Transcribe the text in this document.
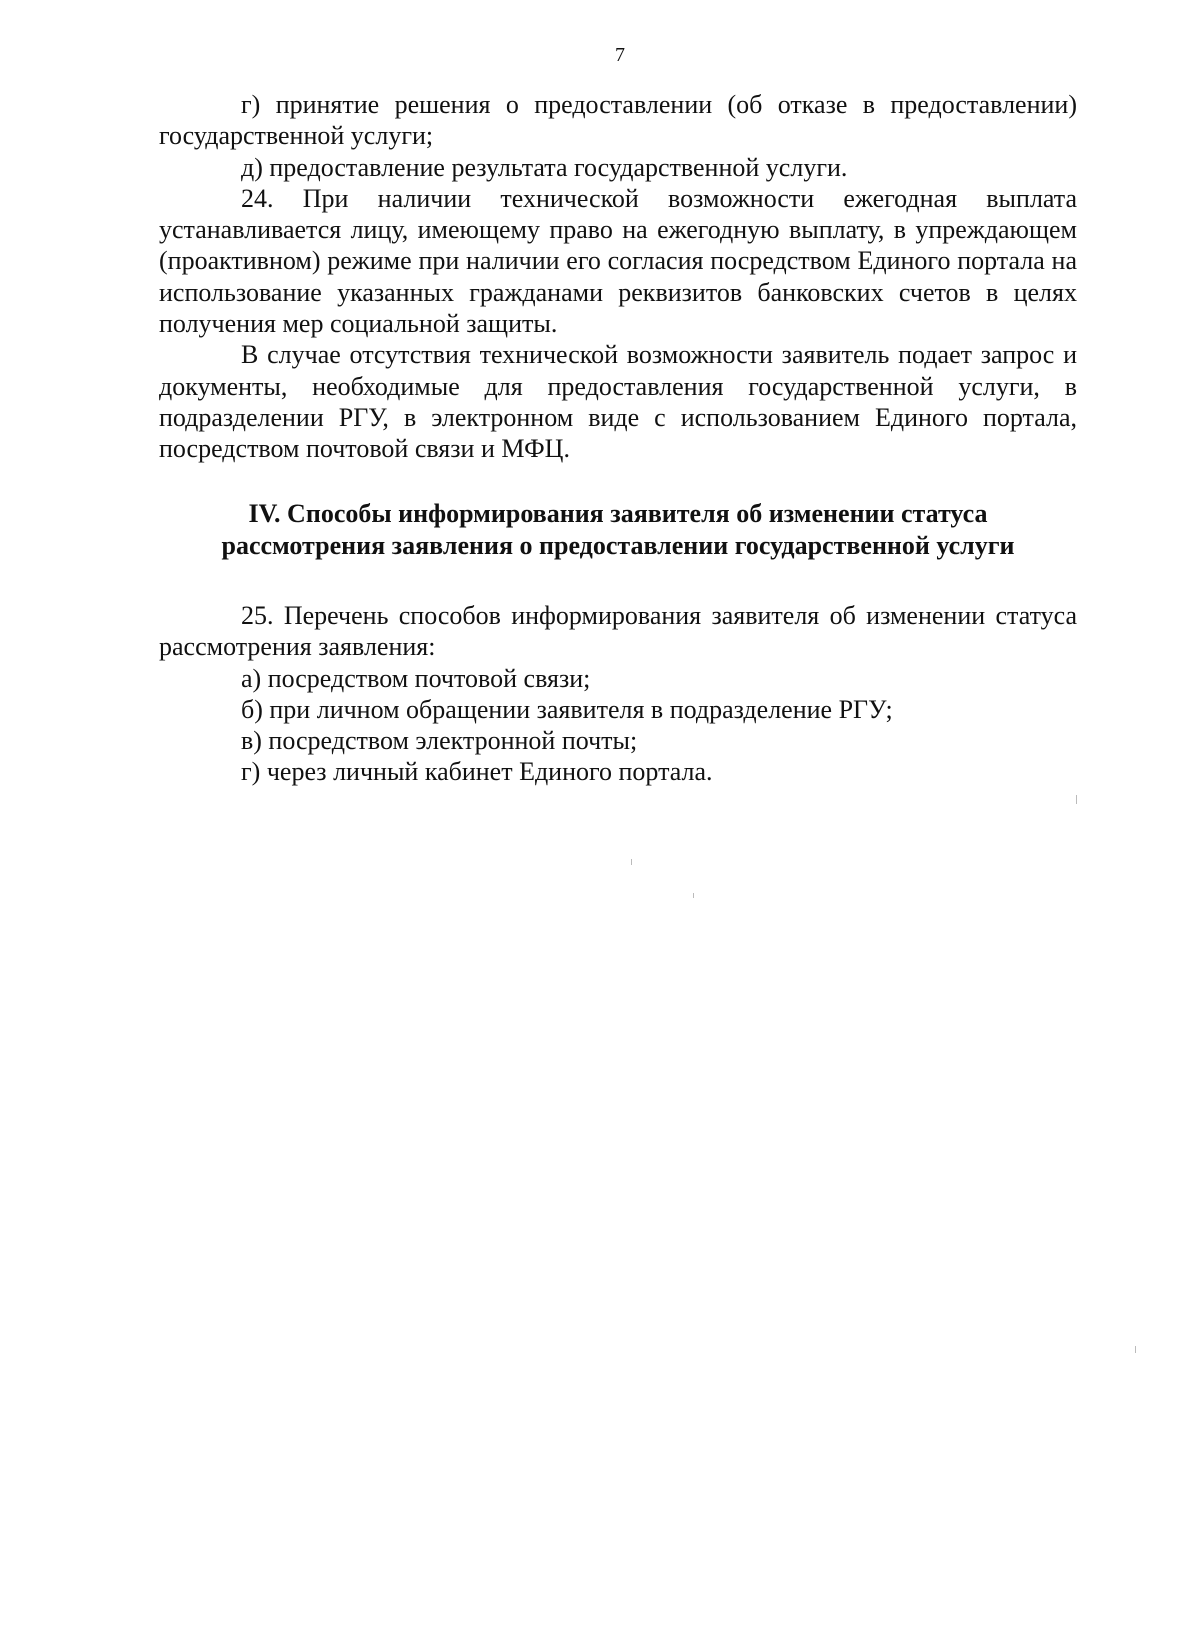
7

г) принятие решения о предоставлении (об отказе в предоставлении) государственной услуги;

д) предоставление результата государственной услуги.

24. При наличии технической возможности ежегодная выплата устанавливается лицу, имеющему право на ежегодную выплату, в упреждающем (проактивном) режиме при наличии его согласия посредством Единого портала на использование указанных гражданами реквизитов банковских счетов в целях получения мер социальной защиты.

В случае отсутствия технической возможности заявитель подает запрос и документы, необходимые для предоставления государственной услуги, в подразделении РГУ, в электронном виде с использованием Единого портала, посредством почтовой связи и МФЦ.

IV. Способы информирования заявителя об изменении статуса
рассмотрения заявления о предоставлении государственной услуги

25. Перечень способов информирования заявителя об изменении статуса рассмотрения заявления:

а) посредством почтовой связи;

б) при личном обращении заявителя в подразделение РГУ;

в) посредством электронной почты;

г) через личный кабинет Единого портала.
